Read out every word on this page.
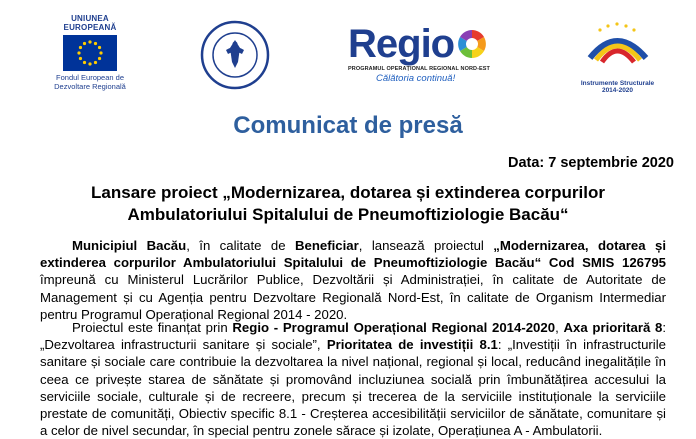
UNIUNEA EUROPEANĂ
Fondul European de
Dezvoltare Regională
Regio
PROGRAMUL OPERAȚIONAL REGIONAL NORD-EST
Călătoria continuă!	Instrumente Structurale
2014-2020
Comunicat de presă
Data: 7 septembrie 2020
Lansare proiect „Modernizarea, dotarea și extinderea corpurilor Ambulatoriului Spitalului de Pneumoftiziologie Bacău“

Municipiul Bacău, în calitate de Beneficiar, lansează proiectul „Modernizarea, dotarea și extinderea corpurilor Ambulatoriului Spitalului de Pneumoftiziologie Bacău“ Cod SMIS 126795 împreună cu Ministerul Lucrărilor Publice, Dezvoltării și Administrației, în calitate de Autoritate de Management și cu Agenția pentru Dezvoltare Regională Nord-Est, în calitate de Organism Intermediar pentru Programul Operațional Regional 2014 - 2020.

Proiectul este finanțat prin Regio - Programul Operațional Regional 2014-2020, Axa prioritară 8: „Dezvoltarea infrastructurii sanitare și sociale”, Prioritatea de investiții 8.1: „Investiții în infrastructurile sanitare și sociale care contribuie la dezvoltarea la nivel național, regional și local, reducând inegalitățile în ceea ce privește starea de sănătate și promovând incluziunea socială prin îmbunătățirea accesului la serviciile sociale, culturale și de recreere, precum și trecerea de la serviciile instituționale la serviciile prestate de comunități, Obiectiv specific 8.1 - Creșterea accesibilității serviciilor de sănătate, comunitare și a celor de nivel secundar, în special pentru zonele sărace și izolate, Operațiunea A - Ambulatorii.
